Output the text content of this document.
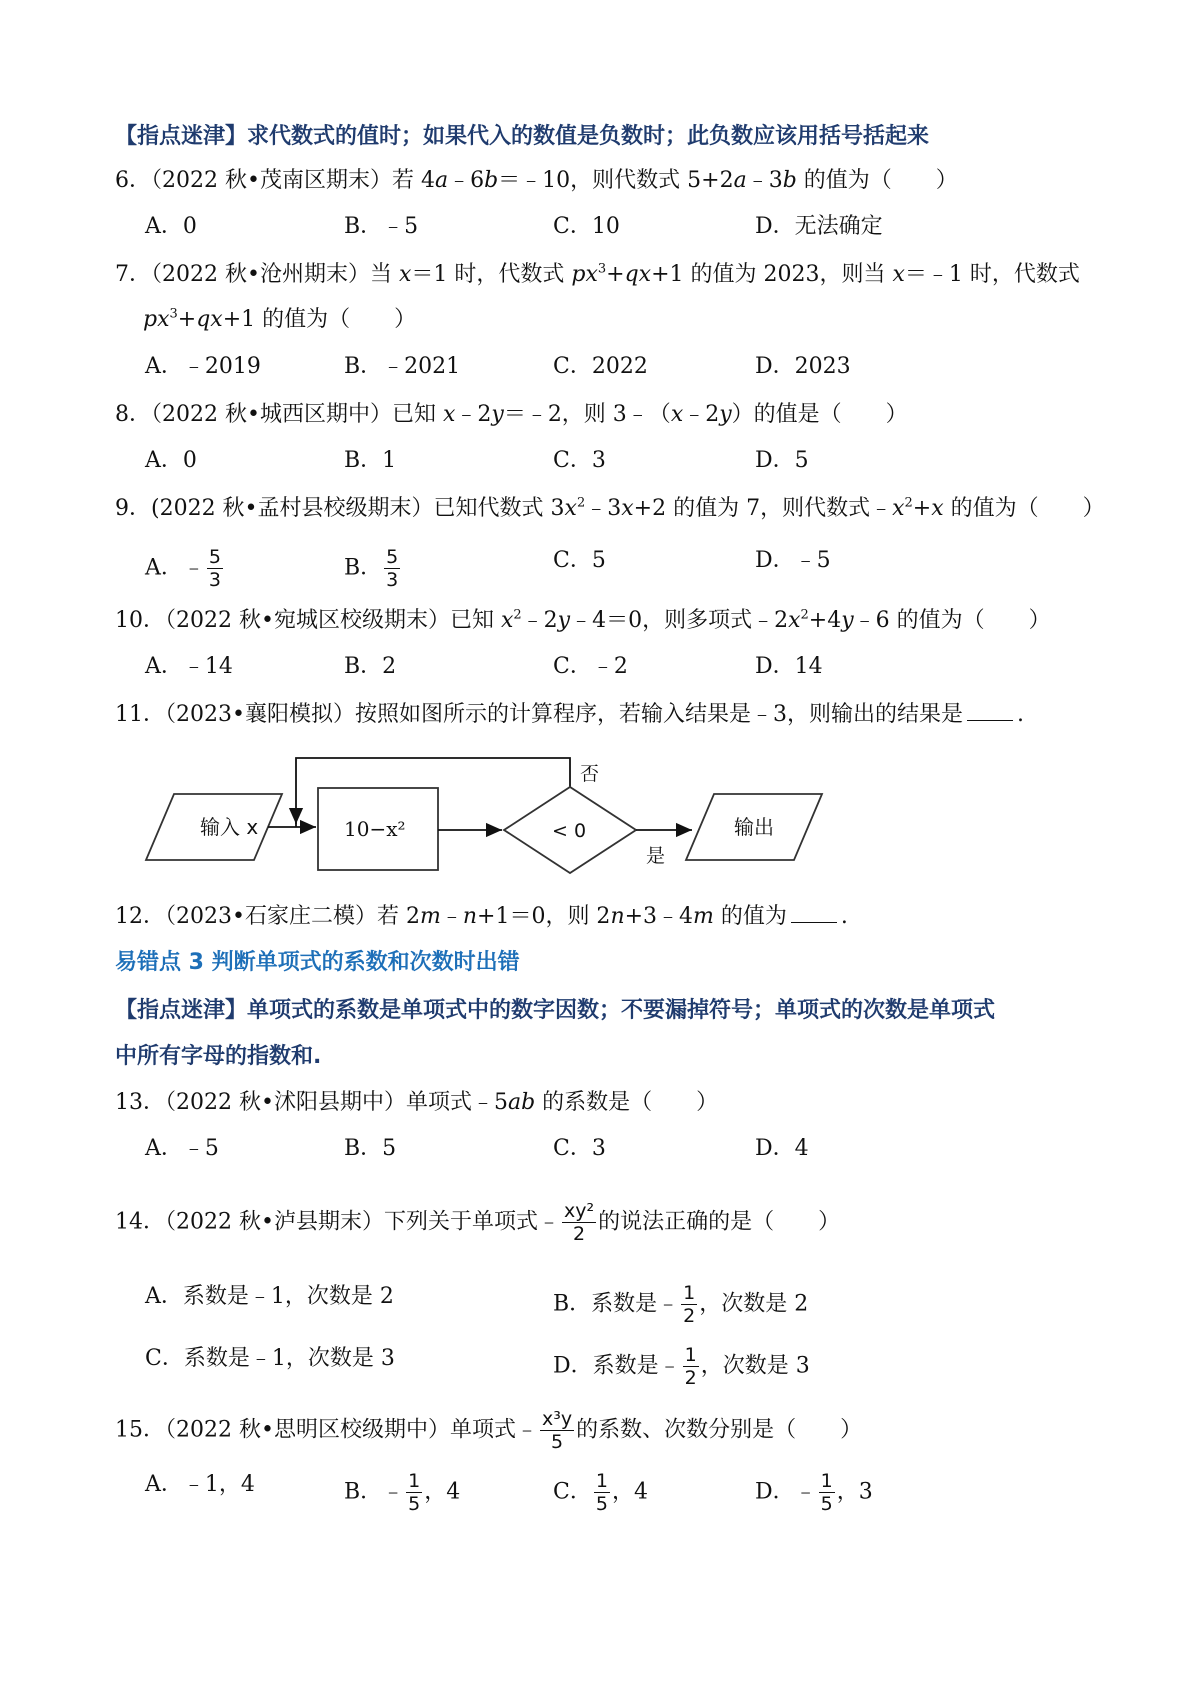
【指点迷津】求代数式的值时；如果代入的数值是负数时；此负数应该用括号括起来
6．（2022 秋•茂南区期末）若 4a﹣6b＝﹣10，则代数式 5+2a﹣3b 的值为（　　）
A．0	B．﹣5	C．10	D．无法确定
7．（2022 秋•沧州期末）当 x＝1 时，代数式 $px^3+qx+1$ 的值为 2023，则当 x＝﹣1 时，代数式
$px^3+qx+1$ 的值为（　　）
A．﹣2019	B．﹣2021	C．2022	D．2023
8．（2022 秋•城西区期中）已知 x﹣2y＝﹣2，则 3﹣（x﹣2y）的值是（　　）
A．0	B．1	C．3	D．5
9．(2022 秋•孟村县校级期末）已知代数式 $3x^2﹣3x+2$ 的值为 7，则代数式$﹣x^2+x$ 的值为（　　）
A．﹣ $\frac{5}{3}$	B． $\frac{5}{3}$	C．5	D．﹣5
10．（2022 秋•宛城区校级期末）已知 $x^2﹣2y﹣4=0$，则多项式$﹣2x^2+4y﹣6$ 的值为（　　）
A．﹣14	B．2	C．﹣2	D．14
11．（2023•襄阳模拟）按照如图所示的计算程序，若输入结果是﹣3，则输出的结果是 .
输入 x	10−x²	< 0
否
是
输出
12．（2023•石家庄二模）若 2m﹣n+1＝0，则 2n+3﹣4m 的值为 .
易错点 3 判断单项式的系数和次数时出错
【指点迷津】单项式的系数是单项式中的数字因数；不要漏掉符号；单项式的次数是单项式
中所有字母的指数和.
13．（2022 秋•沭阳县期中）单项式﹣5ab 的系数是（　　）
A．﹣5	B．5	C．3	D．4
14．（2022 秋•泸县期末）下列关于单项式﹣ $\frac{\text{xy²}}{2}$ 的说法正确的是（　　）
A．系数是﹣1，次数是 2	B．系数是﹣ $\frac{1}{2}$ ，次数是 2
C．系数是﹣1，次数是 3	D．系数是﹣ $\frac{1}{2}$ ，次数是 3
15．（2022 秋•思明区校级期中）单项式﹣ $\frac{\text{x³y}}{5}$ 的系数、次数分别是（　　）
A．﹣1，4	B．﹣ $\frac{1}{5}$ ，4	C． $\frac{1}{5}$ ，4	D．﹣ $\frac{1}{5}$ ，3
